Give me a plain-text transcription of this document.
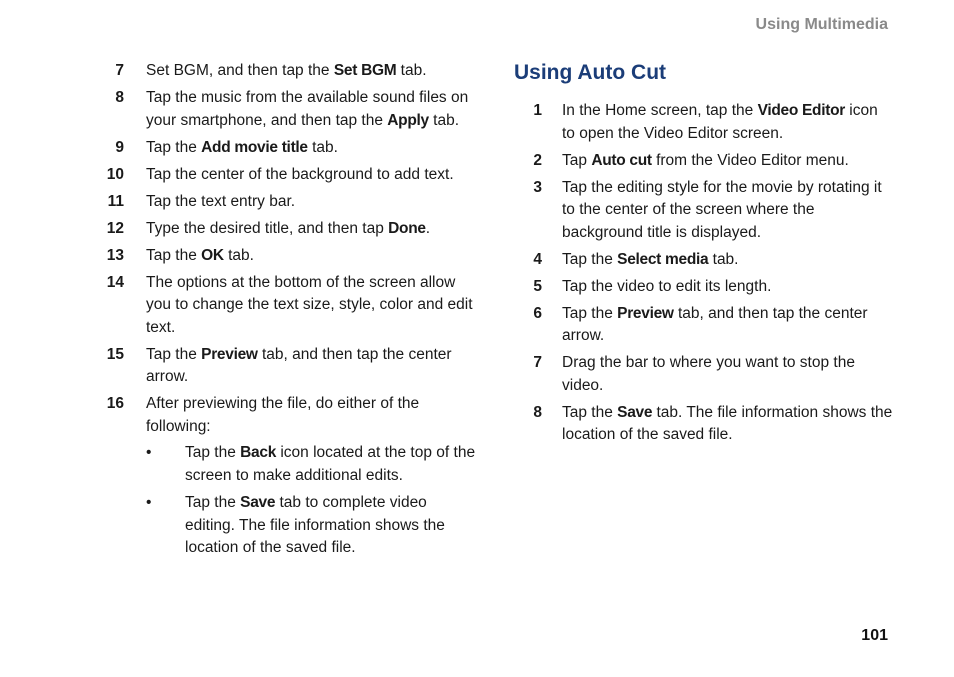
Using Multimedia
7	Set BGM, and then tap the Set BGM tab.
8	Tap the music from the available sound files on your smartphone, and then tap the Apply tab.
9	Tap the Add movie title tab.
10	Tap the center of the background to add text.
11	Tap the text entry bar.
12	Type the desired title, and then tap Done.
13	Tap the OK tab.
14	The options at the bottom of the screen allow you to change the text size, style, color and edit text.
15	Tap the Preview tab, and then tap the center arrow.
16	After previewing the file, do either of the following:
•	Tap the Back icon located at the top of the screen to make additional edits.
•	Tap the Save tab to complete video editing. The file information shows the location of the saved file.
Using Auto Cut
1	In the Home screen, tap the Video Editor icon to open the Video Editor screen.
2	Tap Auto cut from the Video Editor menu.
3	Tap the editing style for the movie by rotating it to the center of the screen where the background title is displayed.
4	Tap the Select media tab.
5	Tap the video to edit its length.
6	Tap the Preview tab, and then tap the center arrow.
7	Drag the bar to where you want to stop the video.
8	Tap the Save tab. The file information shows the location of the saved file.
101
